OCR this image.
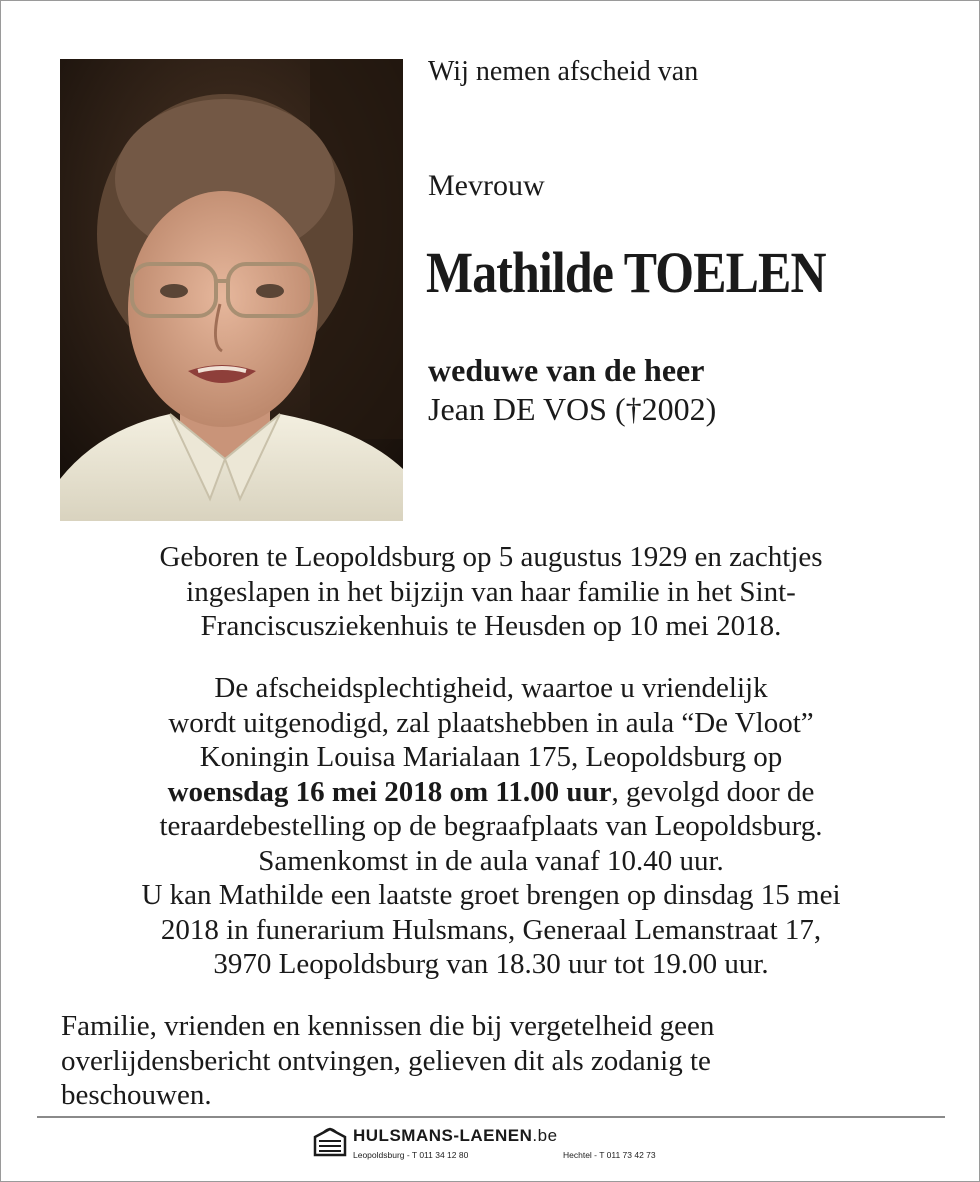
Wij nemen afscheid van
Mevrouw
Mathilde TOELEN
weduwe van de heer
Jean DE VOS (†2002)
Geboren te Leopoldsburg op 5 augustus 1929 en zachtjes
ingeslapen in het bijzijn van haar familie in het Sint-
Franciscusziekenhuis te Heusden op 10 mei 2018.
De afscheidsplechtigheid, waartoe u vriendelijk
wordt uitgenodigd, zal plaatshebben in aula “De Vloot”
Koningin Louisa Marialaan 175, Leopoldsburg op
woensdag 16 mei 2018 om 11.00 uur, gevolgd door de
teraardebestelling op de begraafplaats van Leopoldsburg.
Samenkomst in de aula vanaf 10.40 uur.
U kan Mathilde een laatste groet brengen op dinsdag 15 mei
2018 in funerarium Hulsmans, Generaal Lemanstraat 17,
3970 Leopoldsburg van 18.30 uur tot 19.00 uur.
Familie, vrienden en kennissen die bij vergetelheid geen
overlijdensbericht ontvingen, gelieven dit als zodanig te
beschouwen.
HULSMANS-LAENEN.be
Leopoldsburg - T 011 34 12 80	Hechtel - T 011 73 42 73
